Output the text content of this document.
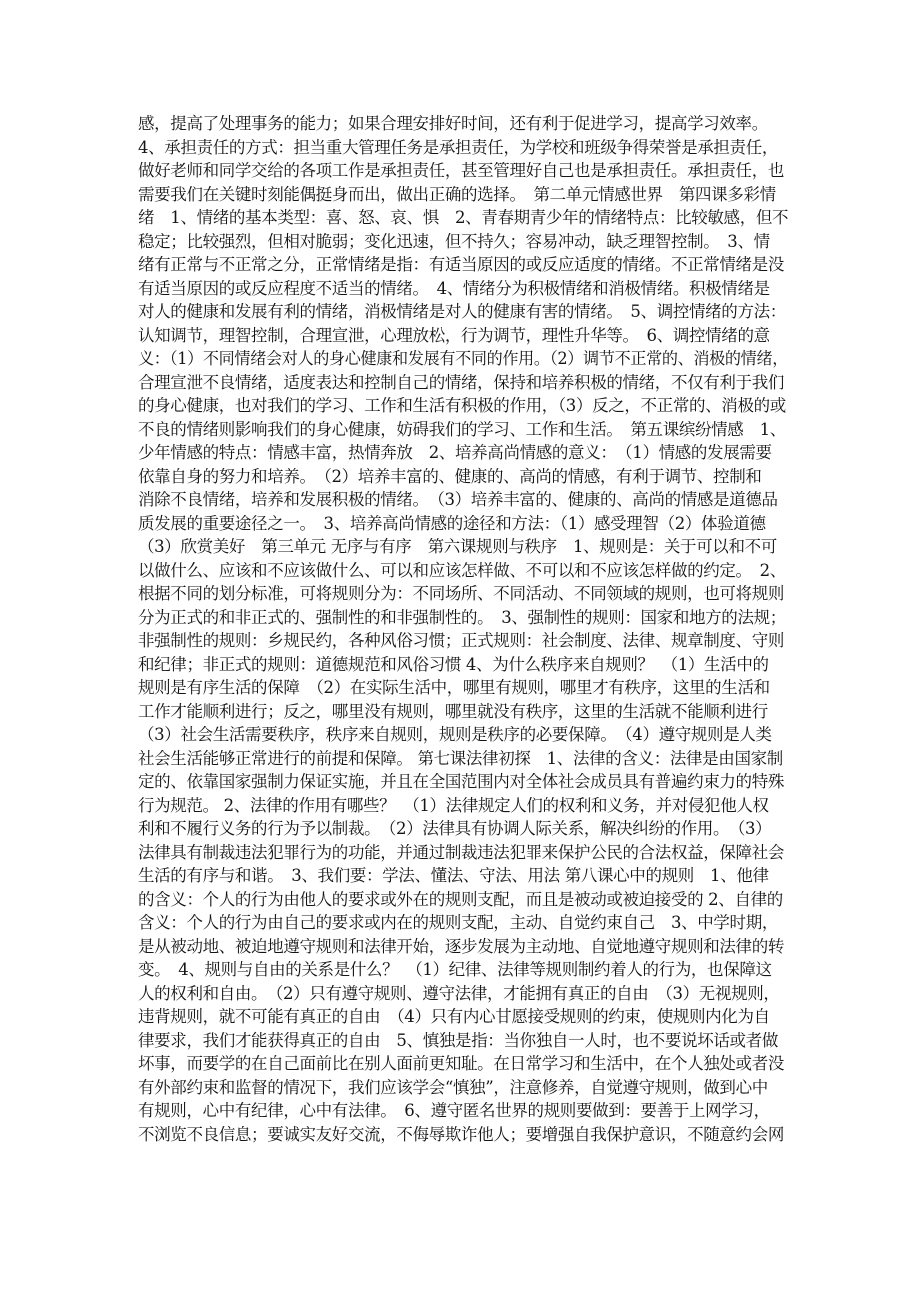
感，提高了处理事务的能力；如果合理安排好时间，还有利于促进学习，提高学习效率。
4、承担责任的方式：担当重大管理任务是承担责任，为学校和班级争得荣誉是承担责任，
做好老师和同学交给的各项工作是承担责任，甚至管理好自己也是承担责任。承担责任，也
需要我们在关键时刻能偶挺身而出，做出正确的选择。　第二单元情感世界　第四课多彩情
绪　1、情绪的基本类型：喜、怒、哀、惧　2、青春期青少年的情绪特点：比较敏感，但不
稳定；比较强烈，但相对脆弱；变化迅速，但不持久；容易冲动，缺乏理智控制。　3、情
绪有正常与不正常之分，正常情绪是指：有适当原因的或反应适度的情绪。不正常情绪是没
有适当原因的或反应程度不适当的情绪。　4、情绪分为积极情绪和消极情绪。积极情绪是
对人的健康和发展有利的情绪，消极情绪是对人的健康有害的情绪。　5、调控情绪的方法：
认知调节，理智控制，合理宣泄，心理放松，行为调节，理性升华等。　6、调控情绪的意
义：（1）不同情绪会对人的身心健康和发展有不同的作用。（2）调节不正常的、消极的情绪，
合理宣泄不良情绪，适度表达和控制自己的情绪，保持和培养积极的情绪，不仅有利于我们
的身心健康，也对我们的学习、工作和生活有积极的作用，（3）反之，不正常的、消极的或
不良的情绪则影响我们的身心健康，妨碍我们的学习、工作和生活。　第五课缤纷情感　1、
少年情感的特点：情感丰富，热情奔放　2、培养高尚情感的意义：　（1）情感的发展需要
依靠自身的努力和培养。　（2）培养丰富的、健康的、高尚的情感，有利于调节、控制和
消除不良情绪，培养和发展积极的情绪。　（3）培养丰富的、健康的、高尚的情感是道德品
质发展的重要途径之一。　3、培养高尚情感的途径和方法：（1）感受理智（2）体验道德
（3）欣赏美好　第三单元 无序与有序　第六课规则与秩序　1、规则是：关于可以和不可
以做什么、应该和不应该做什么、可以和应该怎样做、不可以和不应该怎样做的约定。　2、
根据不同的划分标准，可将规则分为：不同场所、不同活动、不同领域的规则，也可将规则
分为正式的和非正式的、强制性的和非强制性的。　3、强制性的规则：国家和地方的法规；
非强制性的规则：乡规民约，各种风俗习惯；正式规则：社会制度、法律、规章制度、守则
和纪律；非正式的规则：道德规范和风俗习惯 4、为什么秩序来自规则？　（1）生活中的
规则是有序生活的保障　（2）在实际生活中，哪里有规则，哪里才有秩序，这里的生活和
工作才能顺利进行；反之，哪里没有规则，哪里就没有秩序，这里的生活就不能顺利进行
（3）社会生活需要秩序，秩序来自规则，规则是秩序的必要保障。　（4）遵守规则是人类
社会生活能够正常进行的前提和保障。 第七课法律初探　1、法律的含义：法律是由国家制
定的、依靠国家强制力保证实施，并且在全国范围内对全体社会成员具有普遍约束力的特殊
行为规范。 2、法律的作用有哪些？　（1）法律规定人们的权利和义务，并对侵犯他人权
利和不履行义务的行为予以制裁。　（2）法律具有协调人际关系，解决纠纷的作用。　（3）
法律具有制裁违法犯罪行为的功能，并通过制裁违法犯罪来保护公民的合法权益，保障社会
生活的有序与和谐。　3、我们要：学法、懂法、守法、用法 第八课心中的规则　1、他律
的含义：个人的行为由他人的要求或外在的规则支配，而且是被动或被迫接受的 2、自律的
含义：个人的行为由自己的要求或内在的规则支配，主动、自觉约束自己　3、中学时期，
是从被动地、被迫地遵守规则和法律开始，逐步发展为主动地、自觉地遵守规则和法律的转
变。　4、规则与自由的关系是什么？　（1）纪律、法律等规则制约着人的行为，也保障这
人的权利和自由。　（2）只有遵守规则、遵守法律，才能拥有真正的自由　（3）无视规则，
违背规则，就不可能有真正的自由　（4）只有内心甘愿接受规则的约束，使规则内化为自
律要求，我们才能获得真正的自由　5、慎独是指：当你独自一人时，也不要说坏话或者做
坏事，而要学的在自己面前比在别人面前更知耻。在日常学习和生活中，在个人独处或者没
有外部约束和监督的情况下，我们应该学会“慎独”，注意修养，自觉遵守规则，做到心中
有规则，心中有纪律，心中有法律。　6、遵守匿名世界的规则要做到：要善于上网学习，
不浏览不良信息；要诚实友好交流，不侮辱欺诈他人；要增强自我保护意识，不随意约会网
